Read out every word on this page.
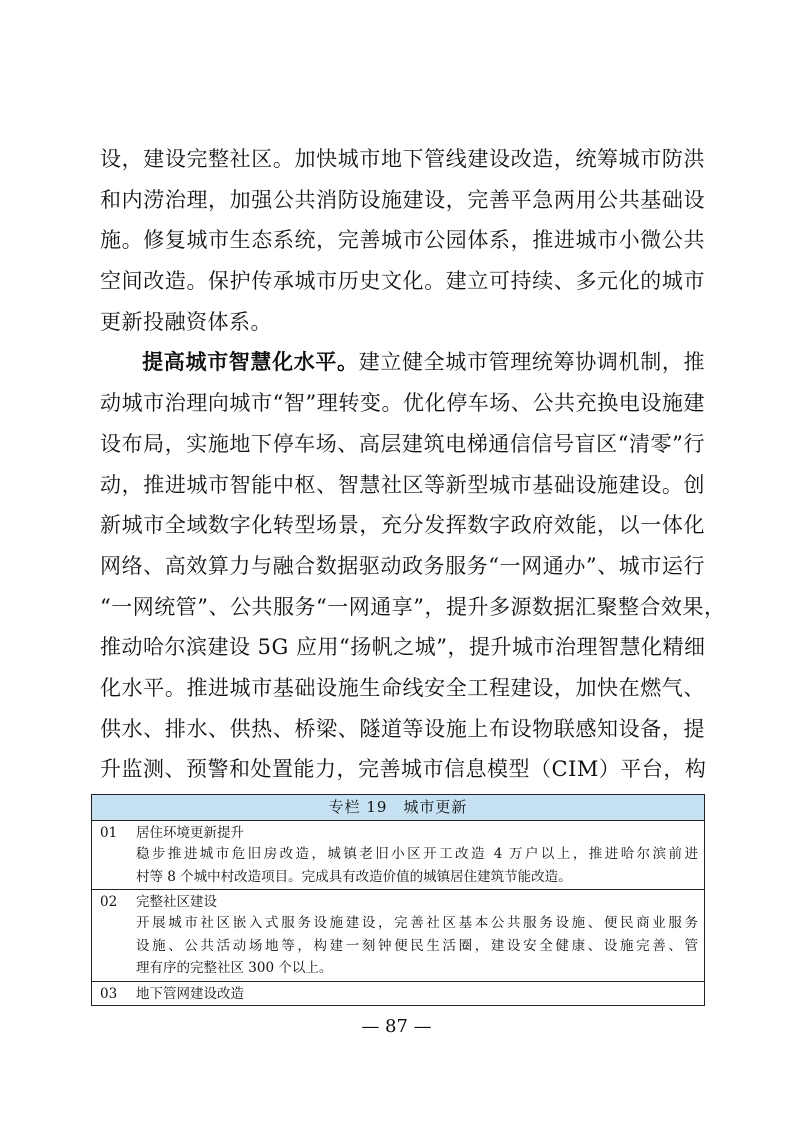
设，建设完整社区。加快城市地下管线建设改造，统筹城市防洪
和内涝治理，加强公共消防设施建设，完善平急两用公共基础设
施。修复城市生态系统，完善城市公园体系，推进城市小微公共
空间改造。保护传承城市历史文化。建立可持续、多元化的城市
更新投融资体系。
提高城市智慧化水平。建立健全城市管理统筹协调机制，推
动城市治理向城市“智”理转变。优化停车场、公共充换电设施建
设布局，实施地下停车场、高层建筑电梯通信信号盲区“清零”行
动，推进城市智能中枢、智慧社区等新型城市基础设施建设。创
新城市全域数字化转型场景，充分发挥数字政府效能，以一体化
网络、高效算力与融合数据驱动政务服务“一网通办”、城市运行
“一网统管”、公共服务“一网通享”，提升多源数据汇聚整合效果，
推动哈尔滨建设 5G 应用“扬帆之城”，提升城市治理智慧化精细
化水平。推进城市基础设施生命线安全工程建设，加快在燃气、
供水、排水、供热、桥梁、隧道等设施上布设物联感知设备，提
升监测、预警和处置能力，完善城市信息模型（CIM）平台，构
专栏 19　城市更新
01 居住环境更新提升
稳步推进城市危旧房改造，城镇老旧小区开工改造 4 万户以上，推进哈尔滨前进
村等 8 个城中村改造项目。完成具有改造价值的城镇居住建筑节能改造。
02 完整社区建设
开展城市社区嵌入式服务设施建设，完善社区基本公共服务设施、便民商业服务
设施、公共活动场地等，构建一刻钟便民生活圈，建设安全健康、设施完善、管
理有序的完整社区 300 个以上。
03 地下管网建设改造
— 87 —
